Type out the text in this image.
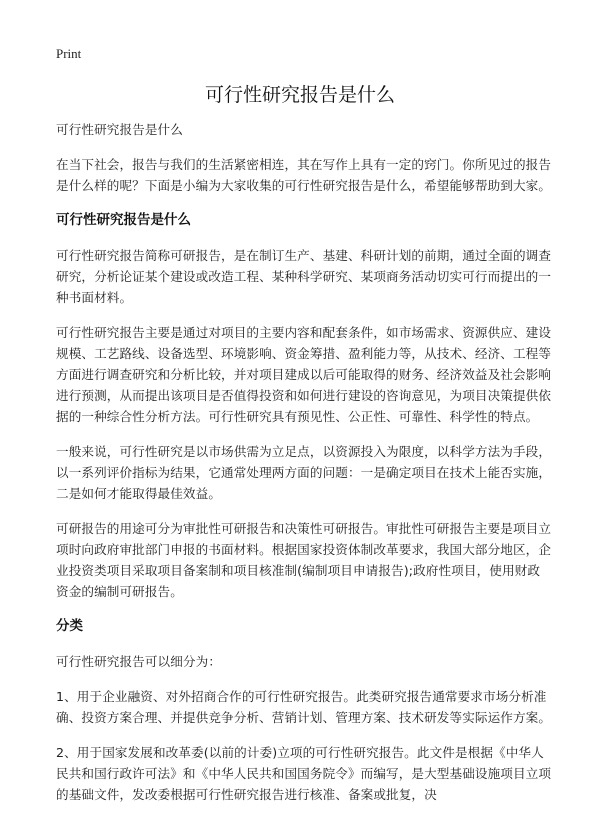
Print
可行性研究报告是什么

可行性研究报告是什么

在当下社会，报告与我们的生活紧密相连，其在写作上具有一定的窍门。你所见过的报告是什么样的呢？下面是小编为大家收集的可行性研究报告是什么，希望能够帮助到大家。

可行性研究报告是什么

可行性研究报告简称可研报告，是在制订生产、基建、科研计划的前期，通过全面的调查研究，分析论证某个建设或改造工程、某种科学研究、某项商务活动切实可行而提出的一种书面材料。

可行性研究报告主要是通过对项目的主要内容和配套条件，如市场需求、资源供应、建设规模、工艺路线、设备选型、环境影响、资金筹措、盈利能力等，从技术、经济、工程等方面进行调查研究和分析比较，并对项目建成以后可能取得的财务、经济效益及社会影响进行预测，从而提出该项目是否值得投资和如何进行建设的咨询意见，为项目决策提供依据的一种综合性分析方法。可行性研究具有预见性、公正性、可靠性、科学性的特点。

一般来说，可行性研究是以市场供需为立足点，以资源投入为限度，以科学方法为手段，以一系列评价指标为结果，它通常处理两方面的问题：一是确定项目在技术上能否实施，二是如何才能取得最佳效益。

可研报告的用途可分为审批性可研报告和决策性可研报告。审批性可研报告主要是项目立项时向政府审批部门申报的书面材料。根据国家投资体制改革要求，我国大部分地区，企业投资类项目采取项目备案制和项目核准制(编制项目申请报告);政府性项目，使用财政资金的编制可研报告。

分类

可行性研究报告可以细分为：

1、用于企业融资、对外招商合作的可行性研究报告。此类研究报告通常要求市场分析准确、投资方案合理、并提供竞争分析、营销计划、管理方案、技术研发等实际运作方案。

2、用于国家发展和改革委(以前的计委)立项的可行性研究报告。此文件是根据《中华人民共和国行政许可法》和《中华人民共和国国务院令》而编写，是大型基础设施项目立项的基础文件，发改委根据可行性研究报告进行核准、备案或批复，决
